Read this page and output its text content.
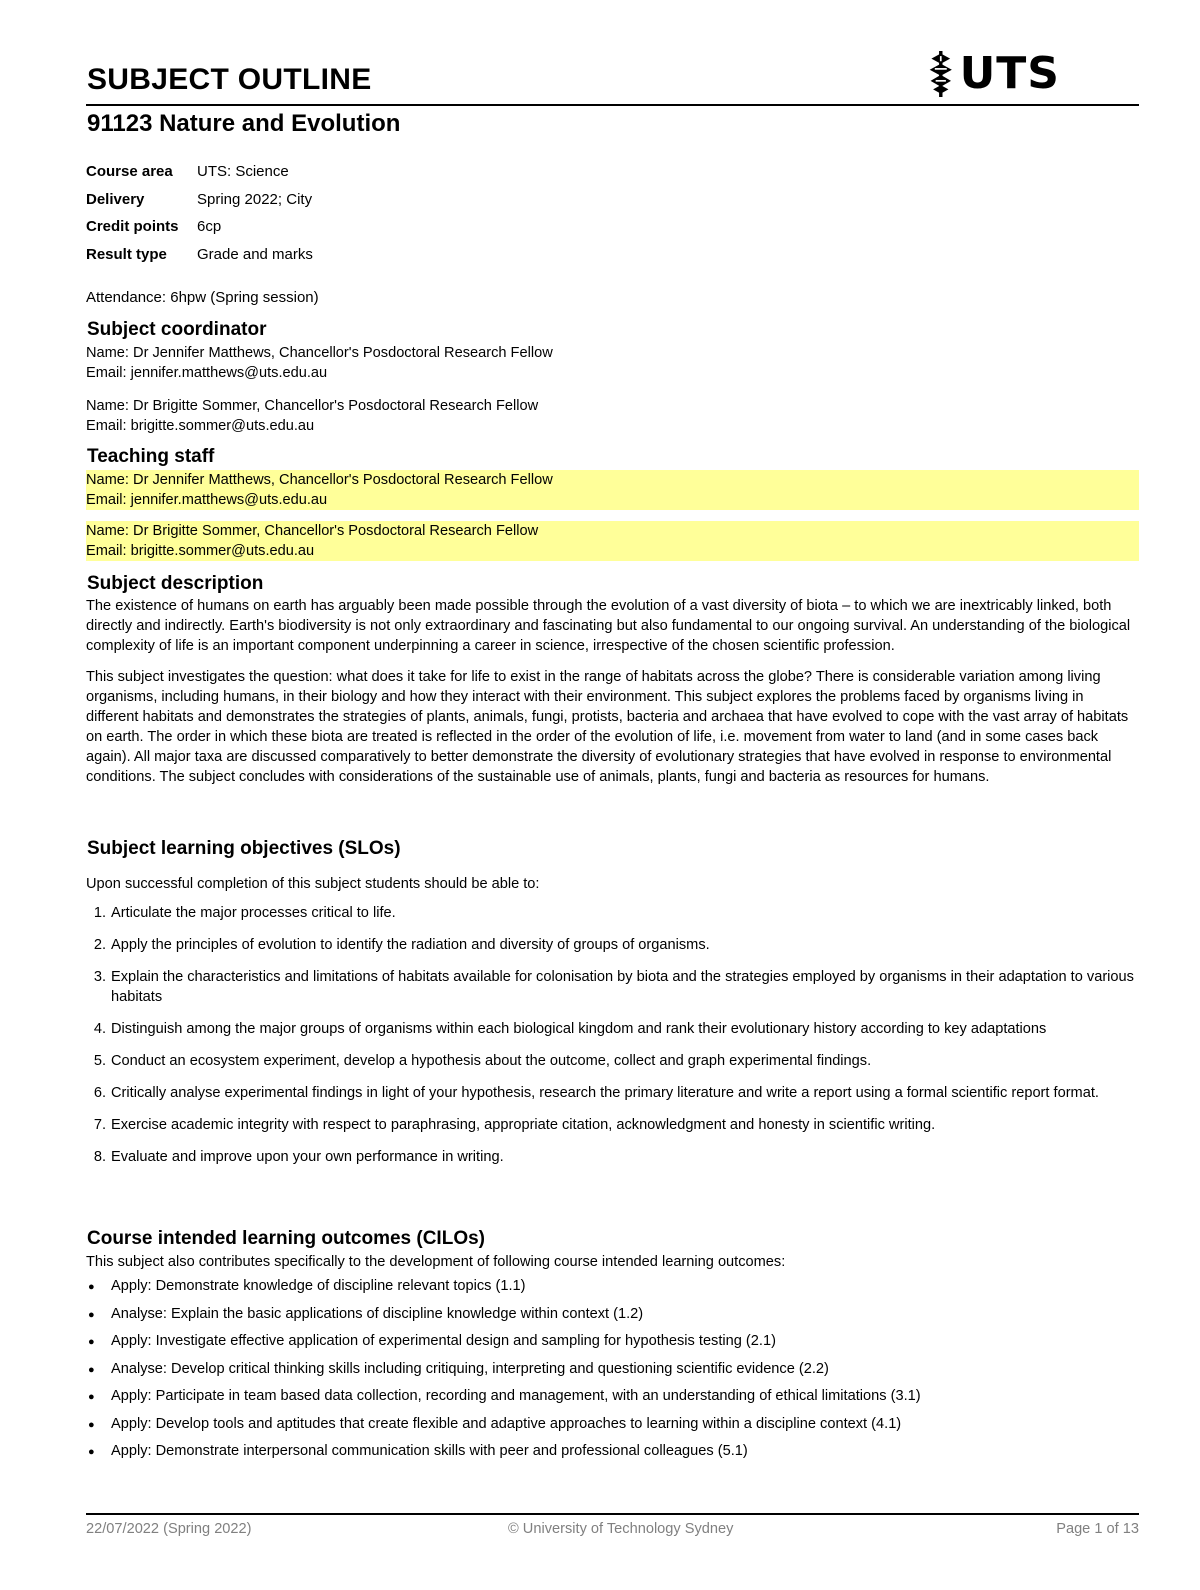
SUBJECT OUTLINE	UTS
91123 Nature and Evolution
Course area	UTS: Science
Delivery	Spring 2022; City
Credit points	6cp
Result type	Grade and marks
Attendance: 6hpw (Spring session)
Subject coordinator
Name: Dr Jennifer Matthews, Chancellor's Posdoctoral Research Fellow
Email: jennifer.matthews@uts.edu.au
Name: Dr Brigitte Sommer, Chancellor's Posdoctoral Research Fellow
Email: brigitte.sommer@uts.edu.au
Teaching staff
Name: Dr Jennifer Matthews, Chancellor's Posdoctoral Research Fellow
Email: jennifer.matthews@uts.edu.au
Name: Dr Brigitte Sommer, Chancellor's Posdoctoral Research Fellow
Email: brigitte.sommer@uts.edu.au
Subject description
The existence of humans on earth has arguably been made possible through the evolution of a vast diversity of biota – to which we are inextricably linked, both directly and indirectly. Earth's biodiversity is not only extraordinary and fascinating but also fundamental to our ongoing survival. An understanding of the biological complexity of life is an important component underpinning a career in science, irrespective of the chosen scientific profession.
This subject investigates the question: what does it take for life to exist in the range of habitats across the globe? There is considerable variation among living organisms, including humans, in their biology and how they interact with their environment. This subject explores the problems faced by organisms living in different habitats and demonstrates the strategies of plants, animals, fungi, protists, bacteria and archaea that have evolved to cope with the vast array of habitats on earth. The order in which these biota are treated is reflected in the order of the evolution of life, i.e. movement from water to land (and in some cases back again). All major taxa are discussed comparatively to better demonstrate the diversity of evolutionary strategies that have evolved in response to environmental conditions. The subject concludes with considerations of the sustainable use of animals, plants, fungi and bacteria as resources for humans.
Subject learning objectives (SLOs)
Upon successful completion of this subject students should be able to:
1. Articulate the major processes critical to life.
2. Apply the principles of evolution to identify the radiation and diversity of groups of organisms.
3. Explain the characteristics and limitations of habitats available for colonisation by biota and the strategies employed by organisms in their adaptation to various habitats
4. Distinguish among the major groups of organisms within each biological kingdom and rank their evolutionary history according to key adaptations
5. Conduct an ecosystem experiment, develop a hypothesis about the outcome, collect and graph experimental findings.
6. Critically analyse experimental findings in light of your hypothesis, research the primary literature and write a report using a formal scientific report format.
7. Exercise academic integrity with respect to paraphrasing, appropriate citation, acknowledgment and honesty in scientific writing.
8. Evaluate and improve upon your own performance in writing.
Course intended learning outcomes (CILOs)
This subject also contributes specifically to the development of following course intended learning outcomes:
●	Apply: Demonstrate knowledge of discipline relevant topics (1.1)
●	Analyse: Explain the basic applications of discipline knowledge within context (1.2)
●	Apply: Investigate effective application of experimental design and sampling for hypothesis testing (2.1)
●	Analyse: Develop critical thinking skills including critiquing, interpreting and questioning scientific evidence (2.2)
●	Apply: Participate in team based data collection, recording and management, with an understanding of ethical limitations (3.1)
●	Apply: Develop tools and aptitudes that create flexible and adaptive approaches to learning within a discipline context (4.1)
●	Apply: Demonstrate interpersonal communication skills with peer and professional colleagues (5.1)
22/07/2022 (Spring 2022)	© University of Technology Sydney	Page 1 of 13
